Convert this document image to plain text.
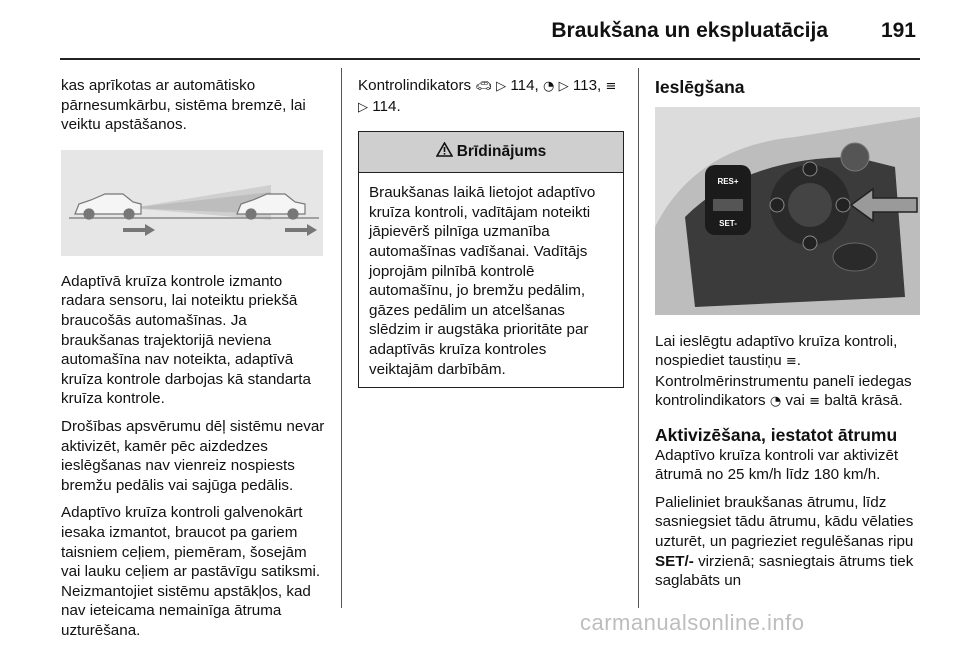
Braukšana un ekspluatācija	191

kas aprīkotas ar automātisko pārnesumkārbu, sistēma bremzē, lai veiktu apstāšanos.

Adaptīvā kruīza kontrole izmanto radara sensoru, lai noteiktu priekšā braucošās automašīnas. Ja braukšanas trajektorijā neviena automašīna nav noteikta, adaptīvā kruīza kontrole darbojas kā standarta kruīza kontrole.

Drošības apsvērumu dēļ sistēmu nevar aktivizēt, kamēr pēc aizdedzes ieslēgšanas nav vienreiz nospiests bremžu pedālis vai sajūga pedālis.

Adaptīvo kruīza kontroli galvenokārt iesaka izmantot, braucot pa gariem taisniem ceļiem, piemēram, šosejām vai lauku ceļiem ar pastāvīgu satiksmi. Neizmantojiet sistēmu apstākļos, kad nav ieteicama nemainīga ātruma uzturēšana.

Kontrolindikators 🚗︎ ▷ 114, ◔ ▷ 113, ≡ ▷ 114.

Brīdinājums
Braukšanas laikā lietojot adaptīvo kruīza kontroli, vadītājam noteikti jāpievērš pilnīga uzmanība automašīnas vadīšanai. Vadītājs joprojām pilnībā kontrolē automašīnu, jo bremžu pedālim, gāzes pedālim un atcelšanas slēdzim ir augstāka prioritāte par adaptīvās kruīza kontroles veiktajām darbībām.
Ieslēgšana
RES+
SET-

Lai ieslēgtu adaptīvo kruīza kontroli, nospiediet taustiņu ≡.
Kontrolmērinstrumentu panelī iedegas kontrolindikators ◔ vai ≡ baltā krāsā.

Aktivizēšana, iestatot ātrumu

Adaptīvo kruīza kontroli var aktivizēt ātrumā no 25 km/h līdz 180 km/h.

Palieliniet braukšanas ātrumu, līdz sasniegsiet tādu ātrumu, kādu vēlaties uzturēt, un pagrieziet regulēšanas ripu SET/- virzienā; sasniegtais ātrums tiek saglabāts un

carmanualsonline.info
